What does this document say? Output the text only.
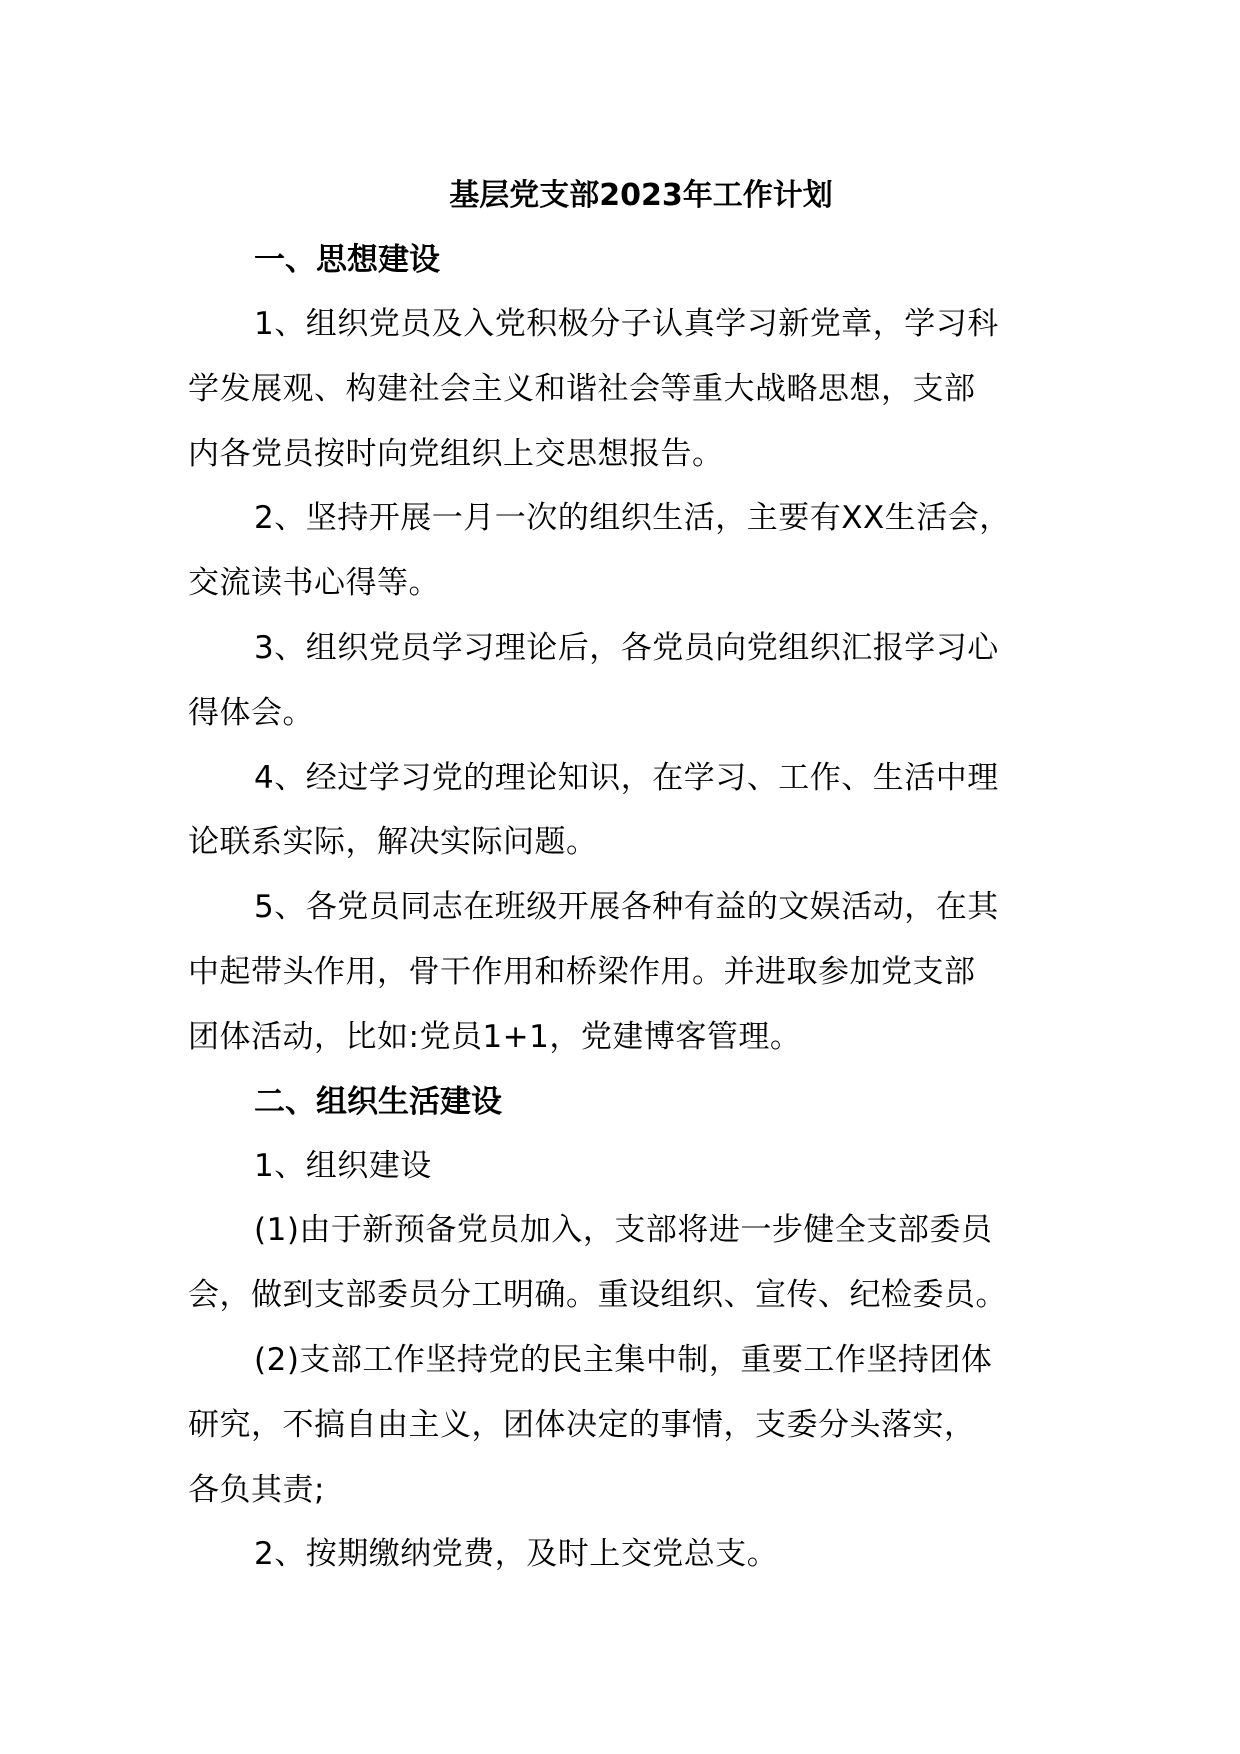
基层党支部2023年工作计划
一、思想建设

1、组织党员及入党积极分子认真学习新党章，学习科
学发展观、构建社会主义和谐社会等重大战略思想，支部
内各党员按时向党组织上交思想报告。

2、坚持开展一月一次的组织生活，主要有XX生活会，
交流读书心得等。

3、组织党员学习理论后，各党员向党组织汇报学习心
得体会。

4、经过学习党的理论知识，在学习、工作、生活中理
论联系实际，解决实际问题。

5、各党员同志在班级开展各种有益的文娱活动，在其
中起带头作用，骨干作用和桥梁作用。并进取参加党支部
团体活动，比如:党员1+1，党建博客管理。

二、组织生活建设

1、组织建设

(1)由于新预备党员加入，支部将进一步健全支部委员
会，做到支部委员分工明确。重设组织、宣传、纪检委员。

(2)支部工作坚持党的民主集中制，重要工作坚持团体
研究，不搞自由主义，团体决定的事情，支委分头落实，
各负其责;

2、按期缴纳党费，及时上交党总支。
